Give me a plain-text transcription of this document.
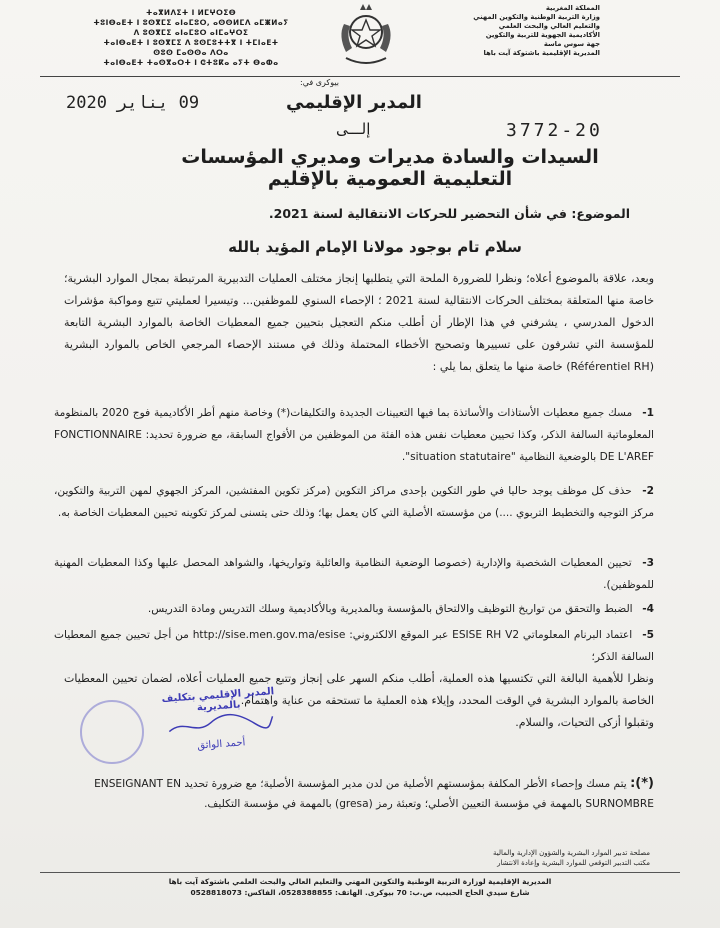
ⵜⴰⴳⵍⴷⵉⵜ ⵏ ⵍⵎⵖⵔⵉⴱ
ⵜⵓⵏⴱⴰⴹⵜ ⵏ ⵓⵙⴳⵎⵉ ⴰⵏⴰⵎⵓⵔ, ⴰⵙⵙⵍⵎⴷ ⴰⵎⵥⵍⴰⵢ
ⴷ ⵓⵙⴳⵎⵉ ⴰⵏⴰⵎⵓⵔ ⴰⵏⵎⴰⵖⵔⵉ
ⵜⴰⵏⴱⴰⴹⵜ ⵏ ⵓⵙⴳⵎⵉ ⴷ ⵓⵙⵎⵓⵜⵜⴳ ⵏ ⵜⵎⵏⴰⴹⵜ
ⵙⵓⵙ ⵎⴰⵙⵙⴰ ⴷⵔⴰ
ⵜⴰⵏⴱⴰⴹⵜ ⵜⴰⵙⴳⴰⵔⵜ ⵏ ⵛⵜⵓⴽⴰ ⴰⵢⵜ ⴱⴰⵀⴰ
المملكة المغربية
وزارة التربية الوطنية والتكوين المهني
والتعليم العالي والبحث العلمي
الأكاديمية الجهوية للتربية والتكوين
جهة سوس ماسة
المديرية الإقليمية باشتوكة آيت باها
بيوكرى في:
09 يناير 2020	المدير الإقليمي
إلـــى	3772-20
السيدات والسادة مديرات ومديري المؤسسات التعليمية العمومية بالإقليم
الموضوع: في شأن التحضير للحركات الانتقالية لسنة 2021.
سلام تام بوجود مولانا الإمام المؤيد بالله
وبعد، علاقة بالموضوع أعلاه؛ ونظرا للضرورة الملحة التي يتطلبها إنجاز مختلف العمليات التدبيرية المرتبطة بمجال الموارد البشرية؛ خاصة منها المتعلقة بمختلف الحركات الانتقالية لسنة 2021 ؛ الإحصاء السنوي للموظفين... وتيسيرا لعمليتي تتبع ومواكبة مؤشرات الدخول المدرسي ، يشرفني في هذا الإطار أن أطلب منكم التعجيل بتحيين جميع المعطيات الخاصة بالموارد البشرية التابعة للمؤسسة التي تشرفون على تسييرها وتصحيح الأخطاء المحتملة وذلك في مستند الإحصاء المرجعي الخاص بالموارد البشرية (Référentiel RH) خاصة منها ما يتعلق بما يلي :
1- مسك جميع معطيات الأستاذات والأساتذة بما فيها التعيينات الجديدة والتكليفات(*) وخاصة منهم أطر الأكاديمية فوج 2020 بالمنظومة المعلوماتية السالفة الذكر، وكذا تحيين معطيات نفس هذه الفئة من الموظفين من الأفواج السابقة، مع ضرورة تحديد: FONCTIONNAIRE DE L'AREF بالوضعية النظامية "situation statutaire".
2- حذف كل موظف يوجد حاليا في طور التكوين بإحدى مراكز التكوين (مركز تكوين المفتشين، المركز الجهوي لمهن التربية والتكوين، مركز التوجيه والتخطيط التربوي ....) من مؤسسته الأصلية التي كان يعمل بها؛ وذلك حتى يتسنى لمركز تكوينه تحيين المعطيات الخاصة به.
3- تحيين المعطيات الشخصية والإدارية (خصوصا الوضعية النظامية والعائلية وتواريخها، والشواهد المحصل عليها وكذا المعطيات المهنية للموظفين).
4- الضبط والتحقق من تواريخ التوظيف والالتحاق بالمؤسسة وبالمديرية وبالأكاديمية وسلك التدريس ومادة التدريس.
5- اعتماد البرنام المعلوماتي ESISE RH V2 عبر الموقع الالكتروني: http://sise.men.gov.ma/esise من أجل تحيين جميع المعطيات السالفة الذكر؛
ونظرا للأهمية البالغة التي تكتسيها هذه العملية، أطلب منكم السهر على إنجاز وتتبع جميع العمليات أعلاه، لضمان تحيين المعطيات الخاصة بالموارد البشرية في الوقت المحدد، وإيلاء هذه العملية ما تستحقه من عناية واهتمام.
وتقبلوا أزكى التحيات، والسلام.
المدير الإقليمي بتكليف بالمديرية
أحمد الواثق
(*): يتم مسك وإحصاء الأطر المكلفة بمؤسستهم الأصلية من لدن مدير المؤسسة الأصلية؛ مع ضرورة تحديد ENSEIGNANT EN SURNOMBRE بالمهمة في مؤسسة التعيين الأصلي؛ وتعبئة رمز (gresa) بالمهمة في مؤسسة التكليف.
مصلحة تدبير الموارد البشرية والشؤون الإدارية والمالية
مكتب التدبير التوقعي للموارد البشرية وإعادة الانتشار
المديرية الإقليمية لوزارة التربية الوطنية والتكوين المهني والتعليم العالي والبحث العلمي باشتوكة آيت باها
شارع سيدي الحاج الحبيب، ص.ب: 70 بيوكرى. الهاتف: 0528388855، الفاكس: 0528818073
